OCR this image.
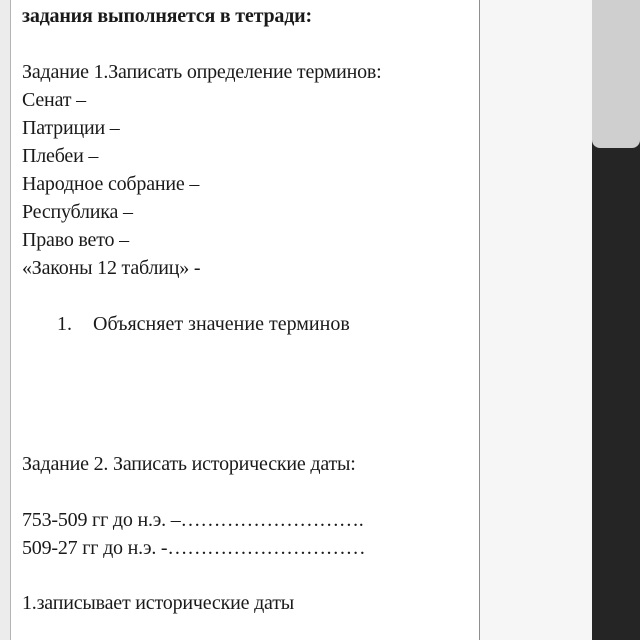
задания выполняется в тетради:
Задание 1.Записать определение терминов:
Сенат –
Патриции –
Плебеи –
Народное собрание –
Республика –
Право вето –
«Законы 12 таблиц» -
1. Объясняет значение терминов
Задание 2. Записать исторические даты:
753-509 гг до н.э. –……………………….
509-27 гг до н.э. -…………………………
1.записывает исторические даты
